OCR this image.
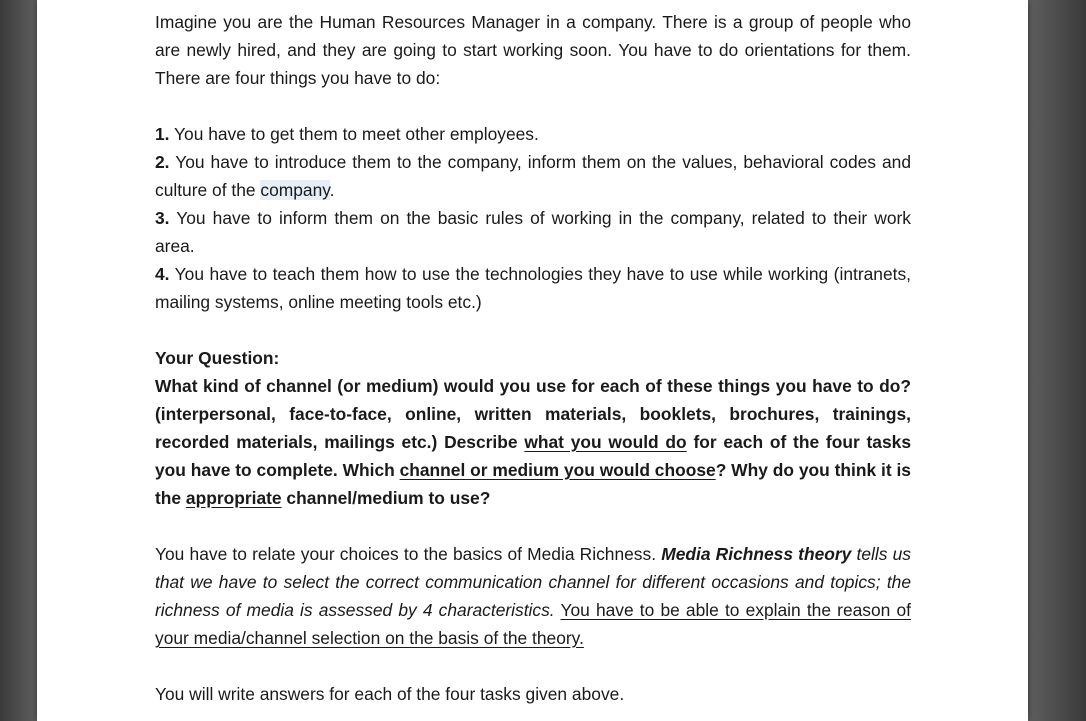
Imagine you are the Human Resources Manager in a company. There is a group of people who are newly hired, and they are going to start working soon. You have to do orientations for them. There are four things you have to do:

1. You have to get them to meet other employees.

2. You have to introduce them to the company, inform them on the values, behavioral codes and culture of the company.

3. You have to inform them on the basic rules of working in the company, related to their work area.

4. You have to teach them how to use the technologies they have to use while working (intranets, mailing systems, online meeting tools etc.)

Your Question:

What kind of channel (or medium) would you use for each of these things you have to do? (interpersonal, face-to-face, online, written materials, booklets, brochures, trainings, recorded materials, mailings etc.) Describe what you would do for each of the four tasks you have to complete. Which channel or medium you would choose? Why do you think it is the appropriate channel/medium to use?

You have to relate your choices to the basics of Media Richness. Media Richness theory tells us that we have to select the correct communication channel for different occasions and topics; the richness of media is assessed by 4 characteristics. You have to be able to explain the reason of your media/channel selection on the basis of the theory.

You will write answers for each of the four tasks given above.
